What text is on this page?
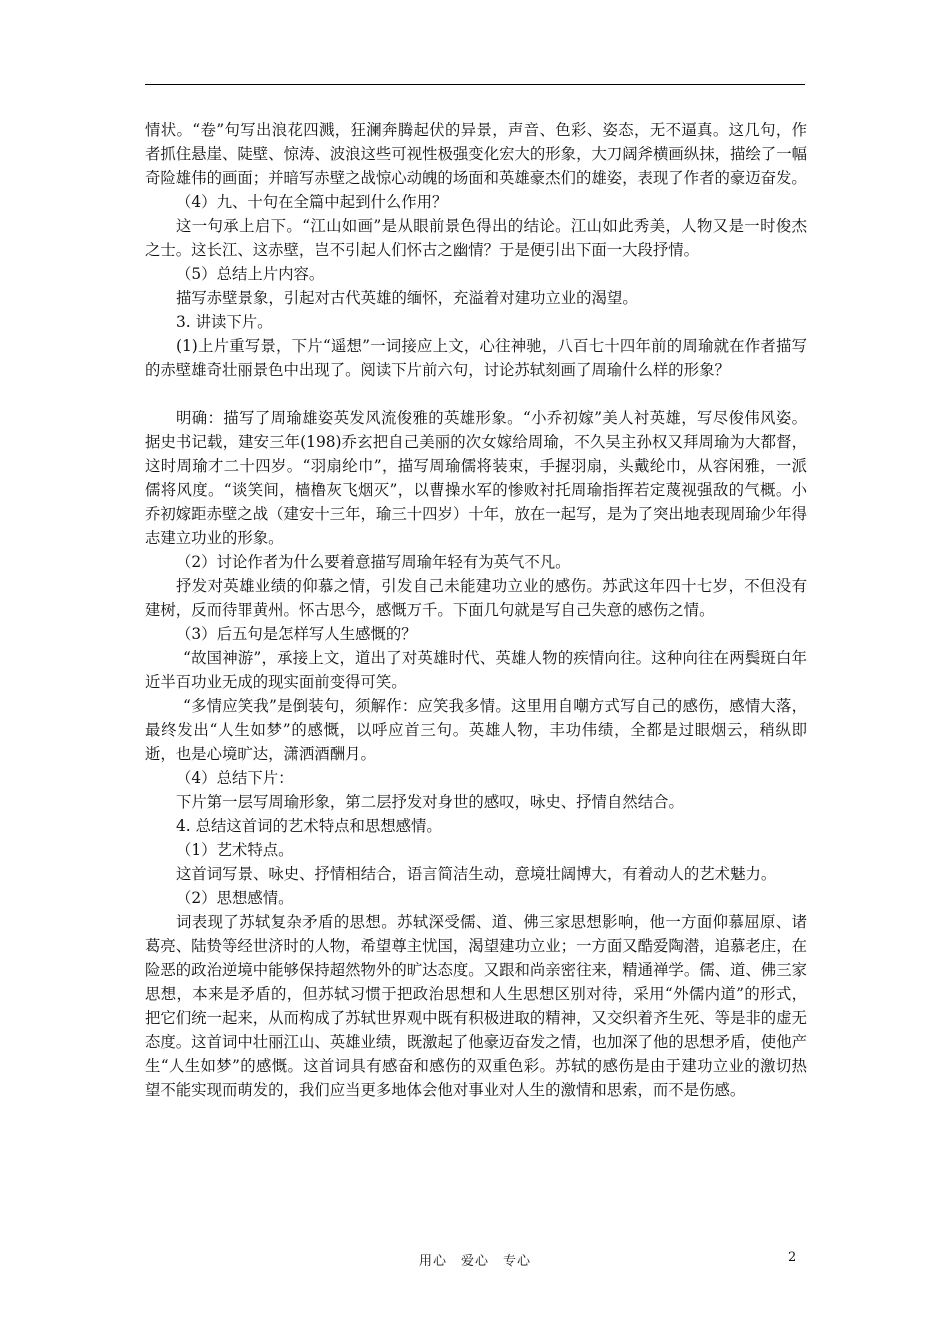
情状。“卷”句写出浪花四溅，狂澜奔腾起伏的异景，声音、色彩、姿态，无不逼真。这几句，作者抓住悬崖、陡壁、惊涛、波浪这些可视性极强变化宏大的形象，大刀阔斧横画纵抹，描绘了一幅奇险雄伟的画面；并暗写赤壁之战惊心动魄的场面和英雄豪杰们的雄姿，表现了作者的豪迈奋发。

（4）九、十句在全篇中起到什么作用？

这一句承上启下。“江山如画”是从眼前景色得出的结论。江山如此秀美，人物又是一时俊杰之士。这长江、这赤壁，岂不引起人们怀古之幽情？于是便引出下面一大段抒情。

（5）总结上片内容。

描写赤壁景象，引起对古代英雄的缅怀，充溢着对建功立业的渴望。

3. 讲读下片。

(1)上片重写景，下片“遥想”一词接应上文，心往神驰，八百七十四年前的周瑜就在作者描写的赤壁雄奇壮丽景色中出现了。阅读下片前六句，讨论苏轼刻画了周瑜什么样的形象？

明确：描写了周瑜雄姿英发风流俊雅的英雄形象。“小乔初嫁”美人衬英雄，写尽俊伟风姿。据史书记载，建安三年(198)乔玄把自己美丽的次女嫁给周瑜，不久吴主孙权又拜周瑜为大都督，这时周瑜才二十四岁。“羽扇纶巾”，描写周瑜儒将装束，手握羽扇，头戴纶巾，从容闲雅，一派儒将风度。“谈笑间，樯橹灰飞烟灭”，以曹操水军的惨败衬托周瑜指挥若定蔑视强敌的气概。小乔初嫁距赤壁之战（建安十三年，瑜三十四岁）十年，放在一起写，是为了突出地表现周瑜少年得志建立功业的形象。

（2）讨论作者为什么要着意描写周瑜年轻有为英气不凡。

抒发对英雄业绩的仰慕之情，引发自己未能建功立业的感伤。苏武这年四十七岁，不但没有建树，反而待罪黄州。怀古思今，感慨万千。下面几句就是写自己失意的感伤之情。

（3）后五句是怎样写人生感慨的？

“故国神游”，承接上文，道出了对英雄时代、英雄人物的疾情向往。这种向往在两鬓斑白年近半百功业无成的现实面前变得可笑。

“多情应笑我”是倒装句，须解作：应笑我多情。这里用自嘲方式写自己的感伤，感情大落，最终发出“人生如梦”的感慨，以呼应首三句。英雄人物，丰功伟绩，全都是过眼烟云，稍纵即逝，也是心境旷达，潇洒酒酬月。

（4）总结下片：

下片第一层写周瑜形象，第二层抒发对身世的感叹，咏史、抒情自然结合。

4. 总结这首词的艺术特点和思想感情。

（1）艺术特点。

这首词写景、咏史、抒情相结合，语言简洁生动，意境壮阔博大，有着动人的艺术魅力。

（2）思想感情。

词表现了苏轼复杂矛盾的思想。苏轼深受儒、道、佛三家思想影响，他一方面仰慕屈原、诸葛亮、陆贽等经世济时的人物，希望尊主忧国，渴望建功立业；一方面又酷爱陶潜，追慕老庄，在险恶的政治逆境中能够保持超然物外的旷达态度。又跟和尚亲密往来，精通禅学。儒、道、佛三家思想，本来是矛盾的，但苏轼习惯于把政治思想和人生思想区别对待，采用“外儒内道”的形式，把它们统一起来，从而构成了苏轼世界观中既有积极进取的精神，又交织着齐生死、等是非的虚无态度。这首词中壮丽江山、英雄业绩，既激起了他豪迈奋发之情，也加深了他的思想矛盾，使他产生“人生如梦”的感慨。这首词具有感奋和感伤的双重色彩。苏轼的感伤是由于建功立业的激切热望不能实现而萌发的，我们应当更多地体会他对事业对人生的激情和思索，而不是伤感。

用心　爱心　专心	2
